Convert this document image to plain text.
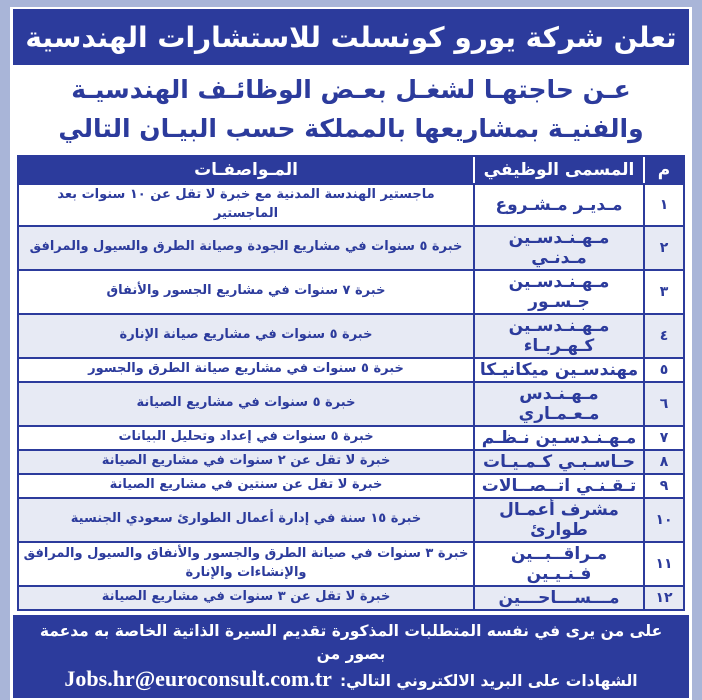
تعلن شركة يورو كونسلت للاستشارات الهندسية
عـن حاجتهـا لشغـل بعـض الوظائـف الهندسيـة
والفنيـة بمشاريعها بالمملكة حسب البيـان التالي
م
المسمى الوظيفي
المـواصفـات
١
مـديـر مـشـروع
ماجستير الهندسة المدنية مع خبرة لا تقل عن ١٠ سنوات بعد الماجستير
٢
مـهـنـدسـين مـدنـي
خبرة ٥ سنوات في مشاريع الجودة وصيانة الطرق والسيول والمرافق
٣
مـهـنـدسـين جـسـور
خبرة ٧ سنوات في مشاريع الجسور والأنفاق
٤
مـهـنـدسـين كـهـربـاء
خبرة ٥ سنوات في مشاريع صيانة الإنارة
٥
مهندسـين ميكانيـكا
خبرة ٥ سنوات في مشاريع صيانة الطرق والجسور
٦
مـهـنـدس مـعـمـاري
خبرة ٥ سنوات في مشاريع الصيانة
٧
مـهـنـدسـين نـظـم
خبرة ٥ سنوات في إعداد وتحليل البيانات
٨
حـاسـبـي كـمـيـات
خبرة لا تقل عن ٢ سنوات في مشاريع الصيانة
٩
تـقـنـي اتــصــالات
خبرة لا تقل عن سنتين في مشاريع الصيانة
١٠
مشرف أعمـال طوارئ
خبرة ١٥ سنة في إدارة أعمال الطوارئ سعودي الجنسية
١١
مـراقــبــين فـنـيـين
خبرة ٣ سنوات في صيانة الطرق والجسور والأنفاق والسيول والمرافق والإنشاءات والإنارة
١٢
مـــســـاحـــين
خبرة لا تقل عن ٣ سنوات في مشاريع الصيانة
على من يرى في نفسه المتطلبات المذكورة تقديم السيرة الذاتية الخاصة به مدعمة بصور من
الشهادات على البريد الالكتروني التالي:
Jobs.hr@euroconsult.com.tr
